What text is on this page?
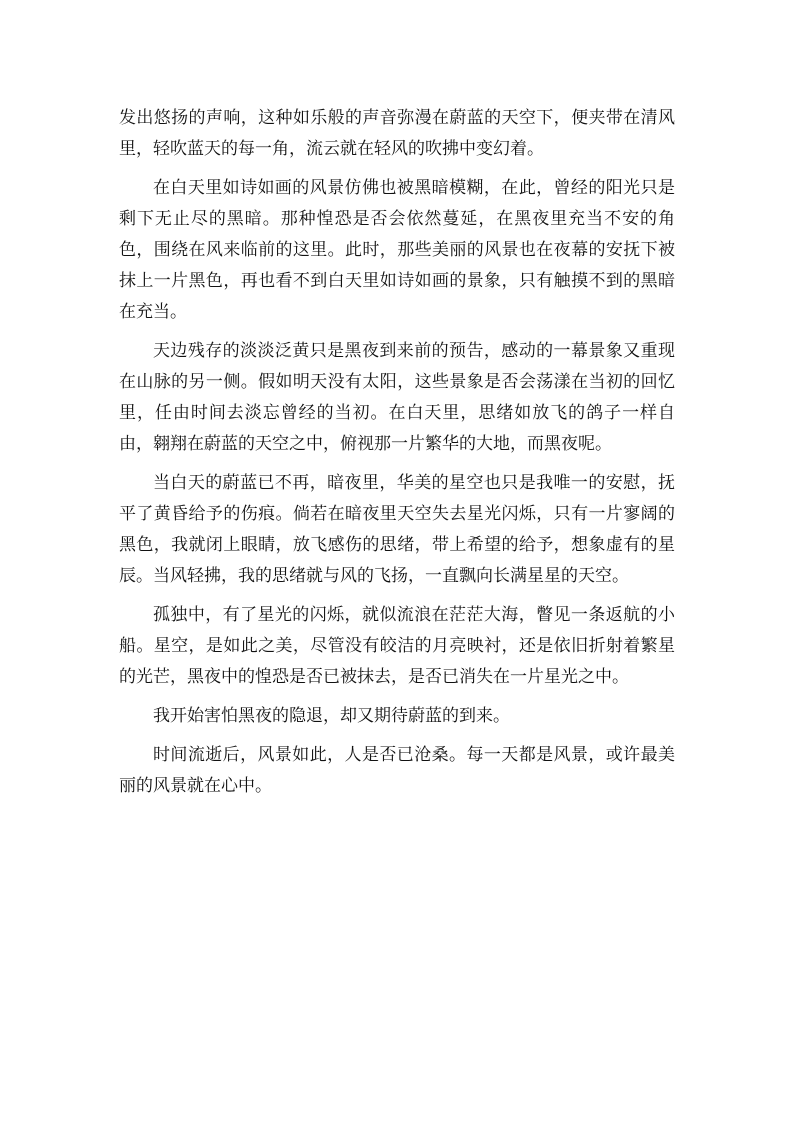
发出悠扬的声响，这种如乐般的声音弥漫在蔚蓝的天空下，便夹带在清风里，轻吹蓝天的每一角，流云就在轻风的吹拂中变幻着。

在白天里如诗如画的风景仿佛也被黑暗模糊，在此，曾经的阳光只是剩下无止尽的黑暗。那种惶恐是否会依然蔓延，在黑夜里充当不安的角色，围绕在风来临前的这里。此时，那些美丽的风景也在夜幕的安抚下被抹上一片黑色，再也看不到白天里如诗如画的景象，只有触摸不到的黑暗在充当。

天边残存的淡淡泛黄只是黑夜到来前的预告，感动的一幕景象又重现在山脉的另一侧。假如明天没有太阳，这些景象是否会荡漾在当初的回忆里，任由时间去淡忘曾经的当初。在白天里，思绪如放飞的鸽子一样自由，翱翔在蔚蓝的天空之中，俯视那一片繁华的大地，而黑夜呢。

当白天的蔚蓝已不再，暗夜里，华美的星空也只是我唯一的安慰，抚平了黄昏给予的伤痕。倘若在暗夜里天空失去星光闪烁，只有一片寥阔的黑色，我就闭上眼睛，放飞感伤的思绪，带上希望的给予，想象虚有的星辰。当风轻拂，我的思绪就与风的飞扬，一直飘向长满星星的天空。

孤独中，有了星光的闪烁，就似流浪在茫茫大海，瞥见一条返航的小船。星空，是如此之美，尽管没有皎洁的月亮映衬，还是依旧折射着繁星的光芒，黑夜中的惶恐是否已被抹去，是否已消失在一片星光之中。

我开始害怕黑夜的隐退，却又期待蔚蓝的到来。

时间流逝后，风景如此，人是否已沧桑。每一天都是风景，或许最美丽的风景就在心中。
